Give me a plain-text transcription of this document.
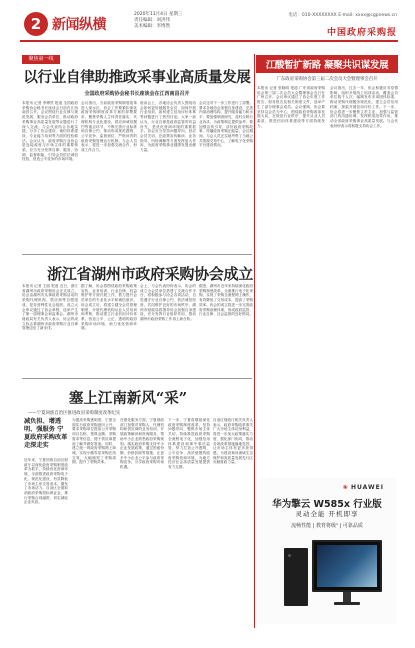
2 新闻纵横
2020年11月4日 星期三
责任编辑：刘洪伟
美术编辑：李博然
电话：010-XXXXXXXX E-mail: xxxx@cgpnews.cn
中国政府采购报
聚焦第一线
以行业自律助推政采事业高质量发展
全国政府采购协会秘书长座谈会在江西南昌召开
本报讯 记者 李博然 报道 全国政府采购协会秘书长座谈会日前在江西南昌召开。会议围绕行业自律与规范发展、服务会员单位、推动政府采购事业高质量发展等议题进行了深入交流。与会代表结合各地实践，分享了协会建设、诚信体系建设、专业能力培训等方面的经验做法。会议认为，政府采购行业协会是连接政府与市场主体的重要桥梁，应当充分发挥自律、服务、协调、监督职能，引导会员依法诚信经营，营造公平竞争的市场环境。
会议指出，当前政府采购制度改革进入深水区，协会工作要紧扣深化政府采购制度改革方案的部署要求，聚焦采购人主体责任落实、代理机构专业化建设、供应商诚信履约等重点环节，不断完善行业标准和自律公约，推动形成规范透明、公平竞争、监督到位、严格问责的政府采购管理运行机制。与会人员表示，将进一步加强交流合作，形成工作合力。
座谈会上，各地协会负责人围绕协会如何更好地服务会员、如何开展行业培训、如何建立信用评价体系等问题进行了热烈讨论。大家一致认为，行业自律是政府监管的有益补充，是优化营商环境的重要抓手。协会应当坚持问题导向，回应会员关切，在政策宣传解读、业务指导、纠纷调解等方面发挥更大作用，为政府采购事业健康发展贡献力量。
会议还对下一步工作进行了部署。要求各地协会加强自身建设，完善内部治理结构，提升服务能力和水平；要加强调查研究，及时反映行业诉求，为政策制定提供参考；要加强宣传引导，讲好政府采购故事，传播政府采购正能量。会议期间，与会人员还实地考察了当地公共资源交易中心，了解电子化采购平台建设情况。
江酸暂扩新路 凝聚共识谋发展
广东政府采购协会第三届二次会员大会暨理事会召开
本报讯 记者 张晓明 报道 广东省政府采购协会第三届二次会员大会暨理事会近日在广州召开。会议审议通过了协会年度工作报告、财务报告及相关制度文件，选举产生了部分理事会成员。会议强调，协会要坚持以会员为中心，围绕政府采购改革发展大局，在规范行业秩序、提升从业人员素质、推进信用体系建设等方面持续发力。
会议指出，过去一年，协会积极应对疫情影响，组织开展线上培训活动，覆盖会员单位数千人次；编制发布多项团体标准，推动采购代理服务规范化；建立会员信用档案，探索开展信用评价工作。下一步，协会将进一步聚焦主责主业，加强与监管部门的沟通协调，发挥桥梁纽带作用，推动全省政府采购事业高质量发展。与会代表纷纷表示将积极支持协会工作。
浙江省湖州市政府采购协会成立
本报讯 记者 王丽 报道 近日，浙江省湖州市政府采购协会正式成立。协会由湖州市从事政府采购活动的采购代理机构、供应商等自愿组成，是非营利性社会组织。成立大会审议通过了协会章程，选举产生了第一届理事会和监事会。湖州市财政局有关负责人表示，协会的成立标志着湖州市政府采购行业自律管理迈出了新步伐。
据了解，协会将围绕政府采购政策宣传、业务培训、行业自律、权益维护等方面开展工作，着力提升会员单位的专业化水平和诚信意识。协会成立后，将建立健全会员管理制度，开展代理机构从业人员培训和考核，推动建立行业信用评价体系，营造公平、公正、透明的政府采购市场环境，助力优化营商环境。
会上，与会代表纷纷表示，协会的成立为会员单位搭建了交流合作平台，将积极参与协会各项活动，自觉遵守行业自律公约，依法诚信经营，共同维护良好的市场秩序。湖州市财政局将指导协会加强自身建设，充分发挥行业组织作用，推动湖州市政府采购工作再上新台阶。
据悉，湖州市近年来持续深化政府采购制度改革，全面推行电子化采购，实现了采购全流程网上操作，有效降低了交易成本，提高了采购效率。协会的成立将进一步完善政府采购治理体系，形成政府监管、行业自律、社会监督的良好格局。
塞上江南新风“采”
——宁夏回族自治区推进政府采购制度改革纪实
减负担、增透明、强服务 宁夏政府采购改革走深走实
近年来，宁夏回族自治区财政厅以深化政府采购制度改革为抓手，持续优化营商环境，全面推进政府采购电子化、规范化建设，有效降低了市场主体交易成本，激发了市场活力。自治区全面取消政府采购投标保证金，推行采购合同融资，切实减轻企业负担。
为提高采购透明度，宁夏全面实行政府采购意向公开，要求采购单位提前公开采购项目名称、预算金额、采购需求等信息，便于供应商提前了解并做好准备。同时，建立统一的政府采购网上商城，实现小额零星采购在线交易，大幅缩短了采购周期，提升了采购效率。
在强化服务方面，宁夏财政部门加强对采购人、代理机构和供应商的业务培训，开展政策解读和咨询服务，帮助中小企业熟悉政府采购规则。落实政府采购支持中小企业发展政策，通过预留份额、价格扣除等措施，让更多中小企业公平参与政府采购竞争，分享政府采购市场机遇。
下一步，宁夏将继续深化政府采购制度改革，坚持问题导向，聚焦市场主体关切，持续推进政府采购全流程电子化，加强信用体系建设和事中事后监管，努力打造公开透明、公平竞争、高效便捷的政府采购营商环境，为地方经济社会高质量发展提供有力支撑。
自治区财政厅相关负责人表示，政府采购改革事关广大市场主体切身利益，将进一步加大政策落实力度，强化部门协同，推动各项改革措施落地见效，让市场主体有更多获得感，为建设黄河流域生态保护和高质量发展先行区贡献财政力量。
❀ HUAWEI
华为擎云 W585x 行业版
灵动全能 开机即享
流畅性能 | 教育将级¹ | 可靠品质
